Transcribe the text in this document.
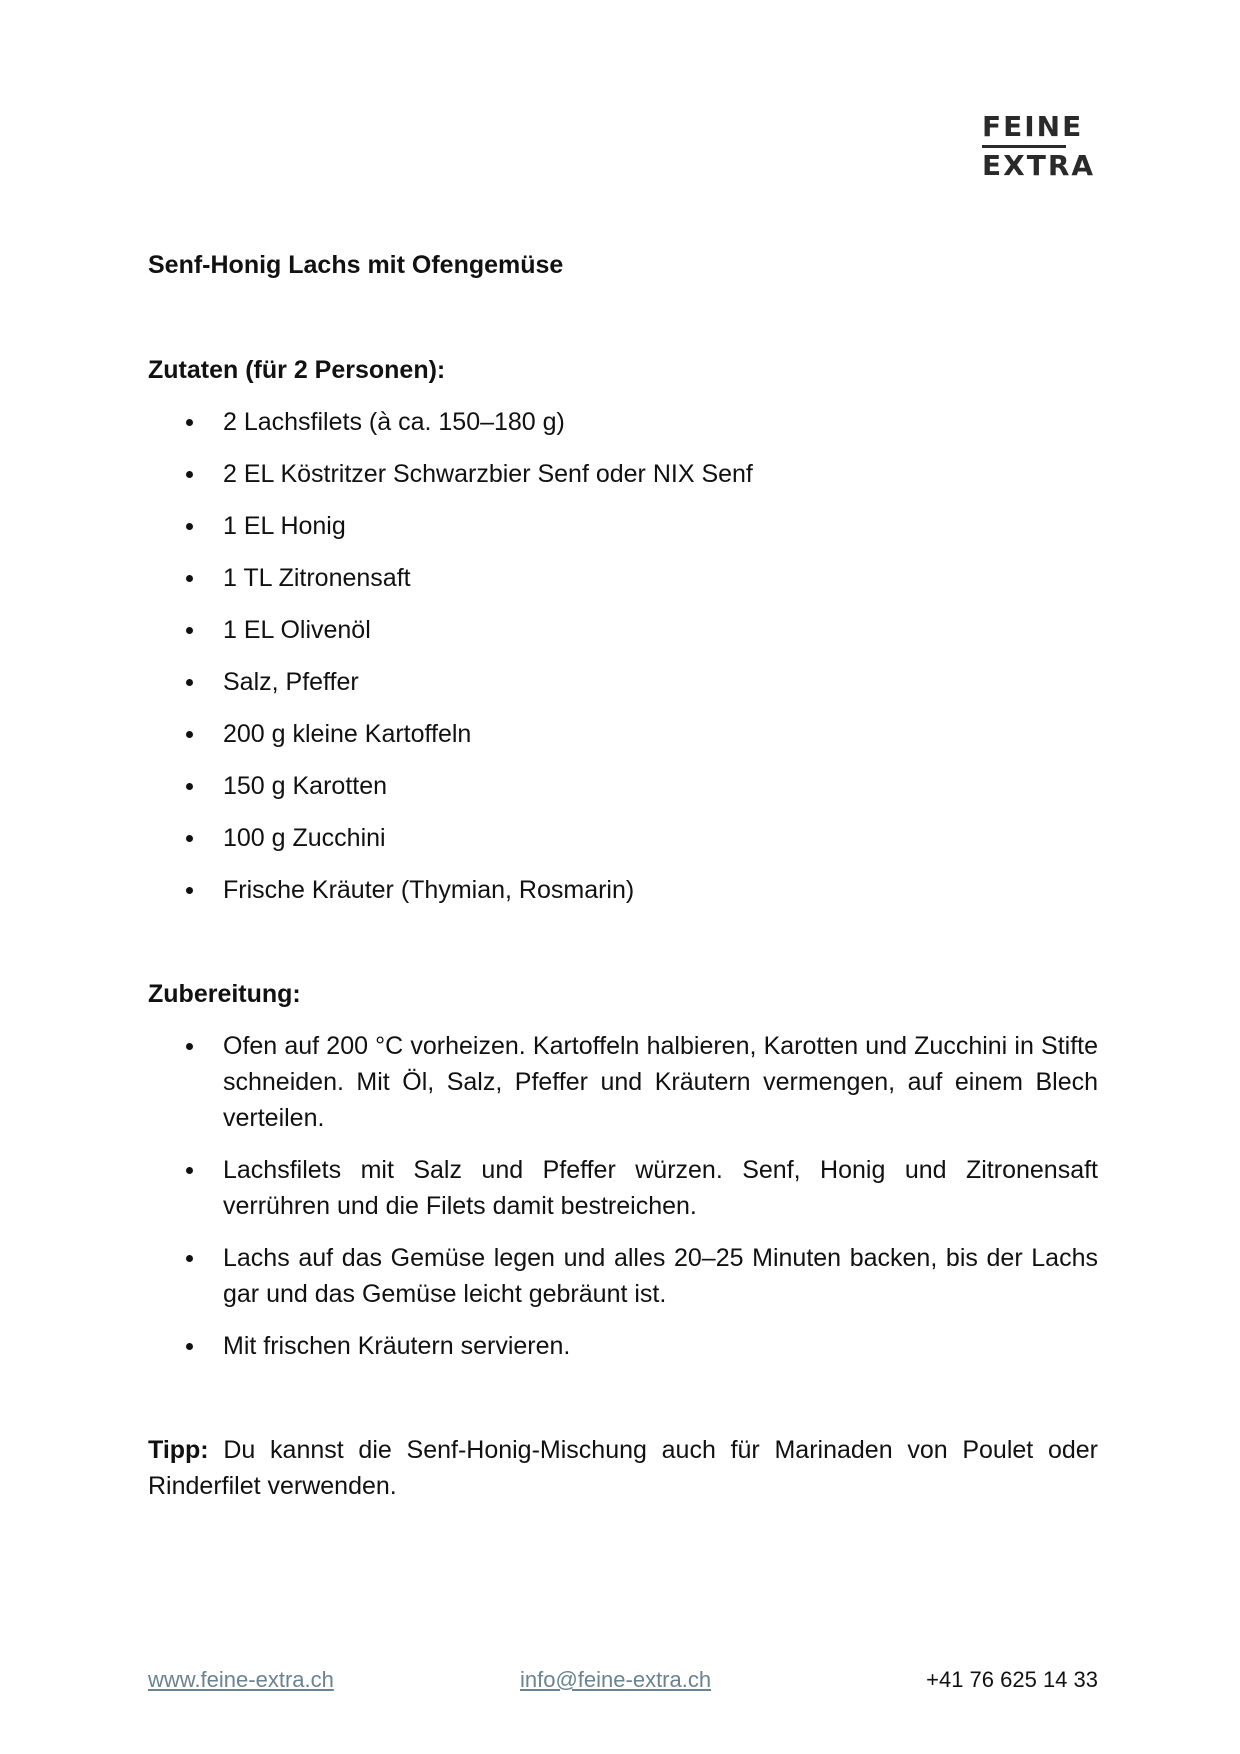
FEINE
EXTRA
Senf-Honig Lachs mit Ofengemüse
Zutaten (für 2 Personen):
2 Lachsfilets (à ca. 150–180 g)
2 EL Köstritzer Schwarzbier Senf oder NIX Senf
1 EL Honig
1 TL Zitronensaft
1 EL Olivenöl
Salz, Pfeffer
200 g kleine Kartoffeln
150 g Karotten
100 g Zucchini
Frische Kräuter (Thymian, Rosmarin)
Zubereitung:
Ofen auf 200 °C vorheizen. Kartoffeln halbieren, Karotten und Zucchini in Stifte schneiden. Mit Öl, Salz, Pfeffer und Kräutern vermengen, auf einem Blech verteilen.
Lachsfilets mit Salz und Pfeffer würzen. Senf, Honig und Zitronensaft verrühren und die Filets damit bestreichen.
Lachs auf das Gemüse legen und alles 20–25 Minuten backen, bis der Lachs gar und das Gemüse leicht gebräunt ist.
Mit frischen Kräutern servieren.
Tipp: Du kannst die Senf-Honig-Mischung auch für Marinaden von Poulet oder Rinderfilet verwenden.
www.feine-extra.ch	info@feine-extra.ch	+41 76 625 14 33
